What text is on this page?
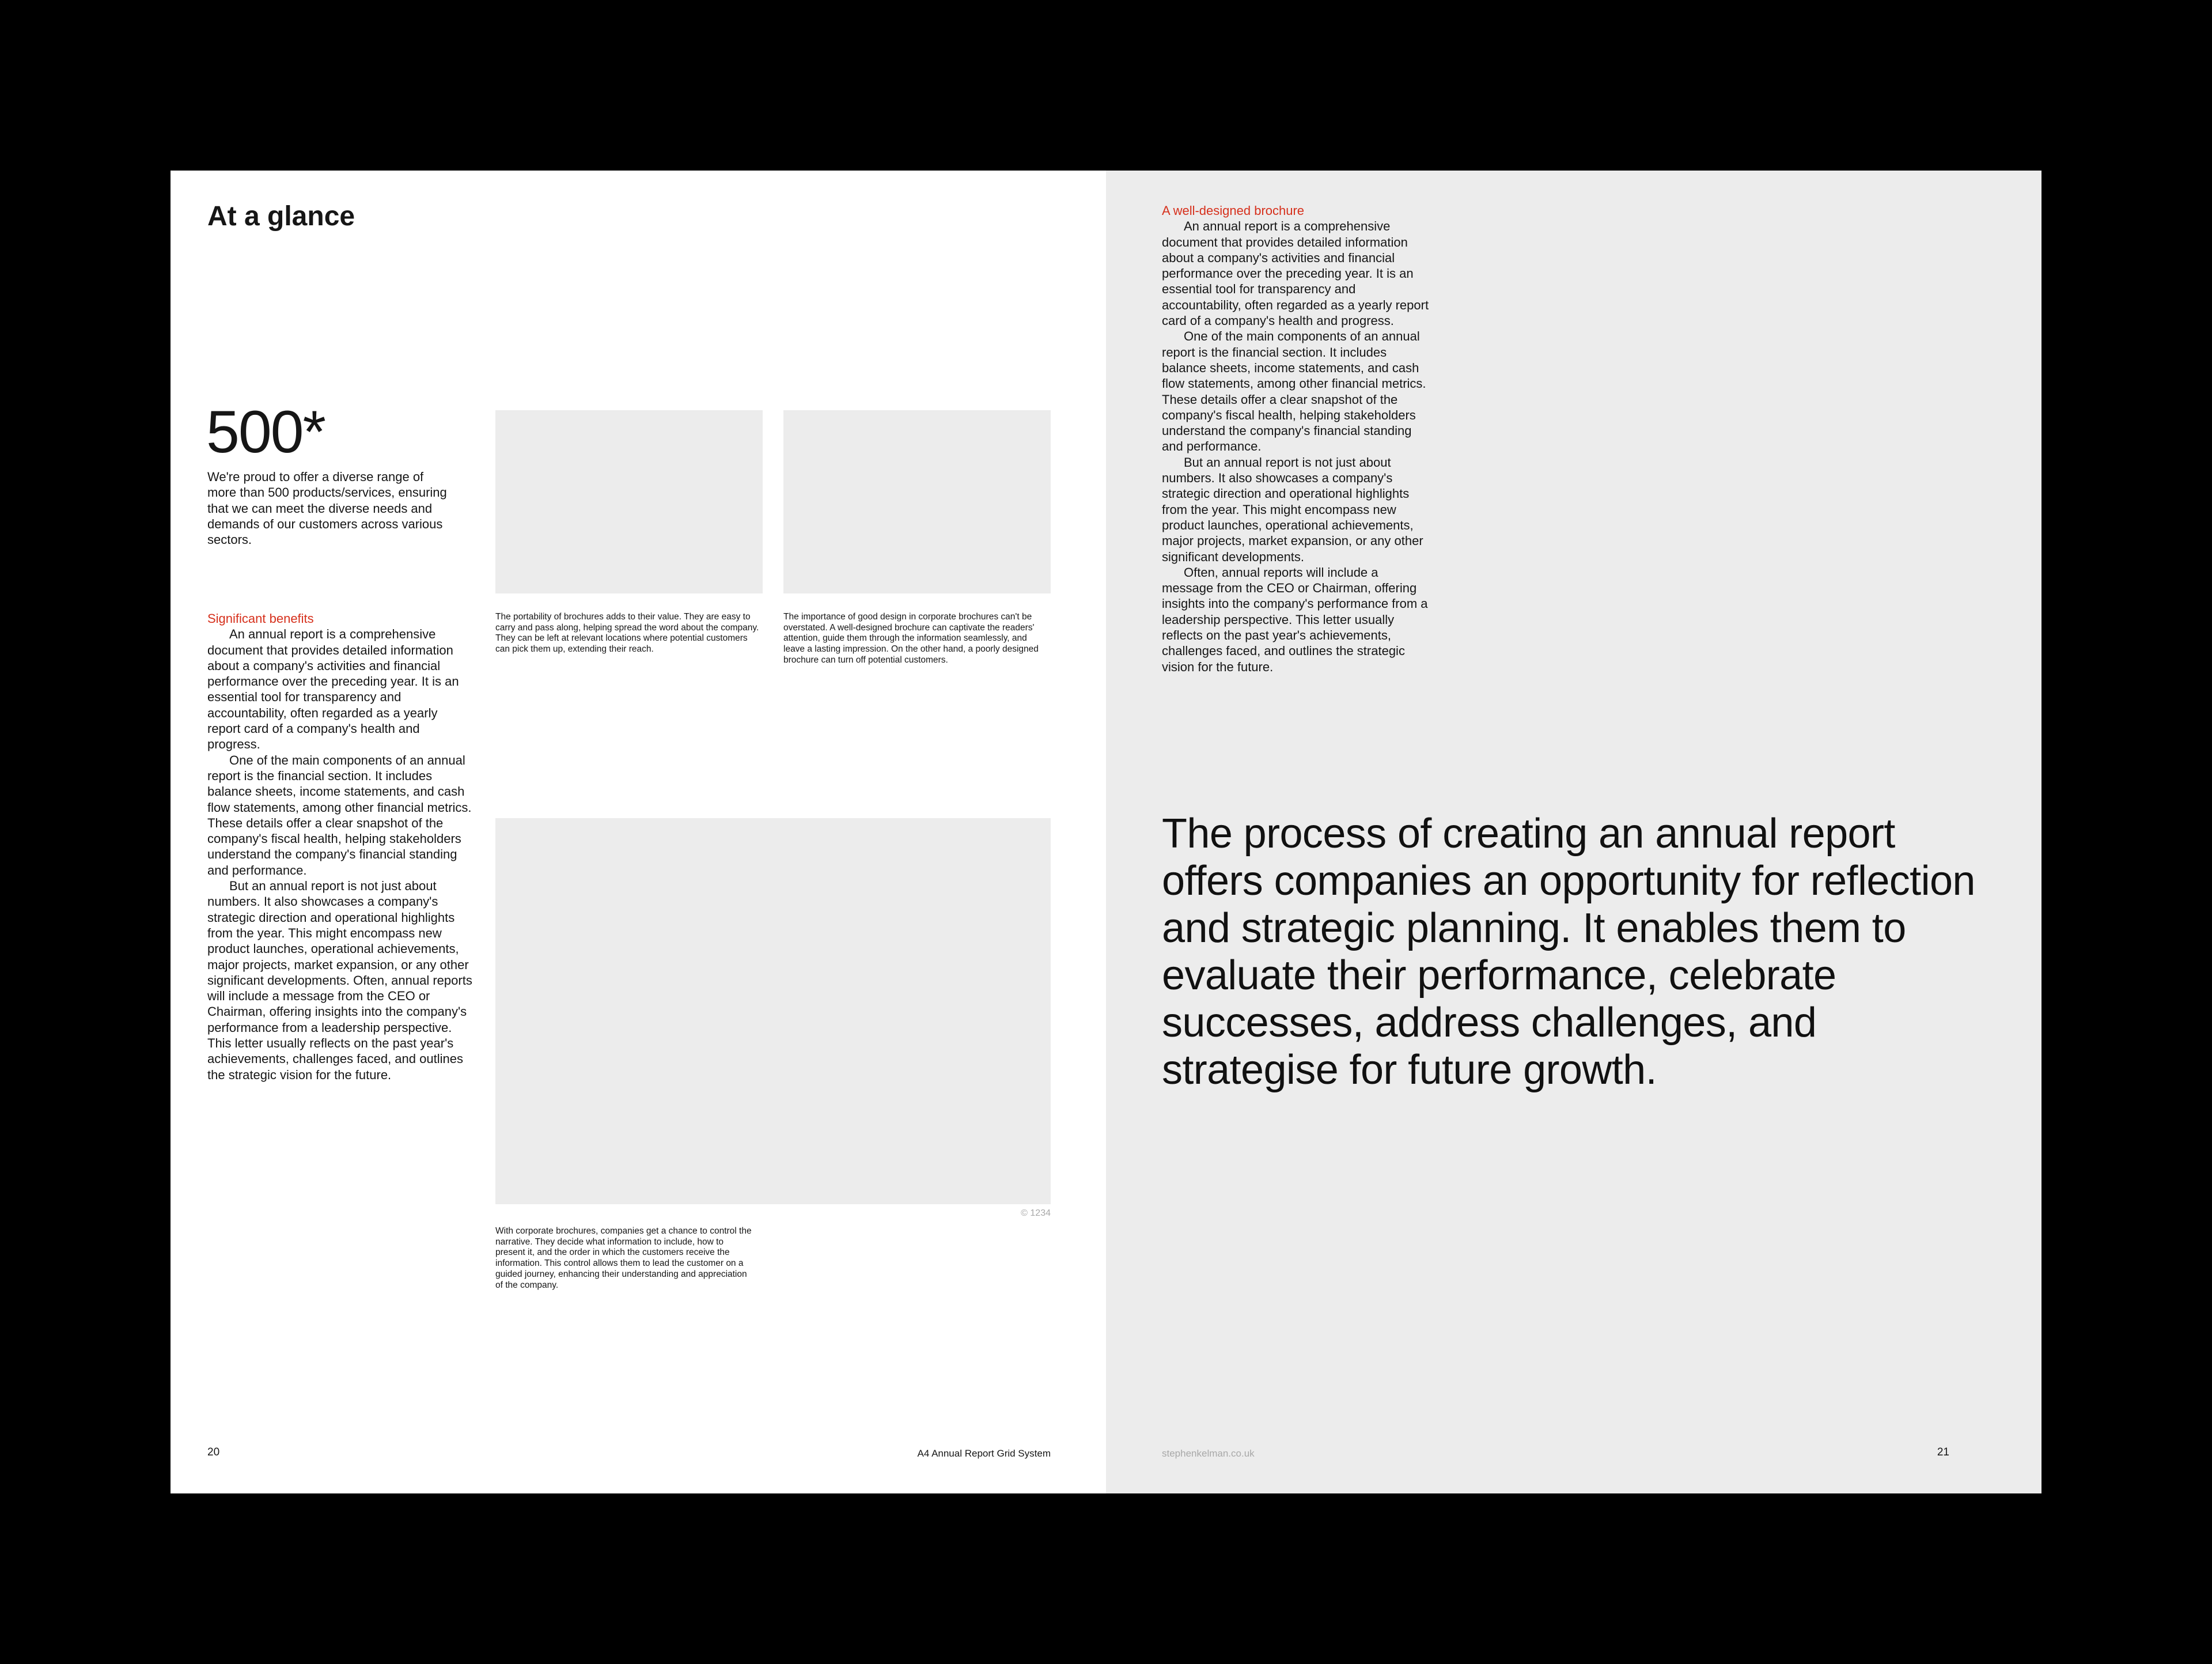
At a glance
500*

We're proud to offer a diverse range of more than 500 products/services, ensuring that we can meet the diverse needs and demands of our customers across various sectors.

Significant benefits

An annual report is a comprehensive document that provides detailed information about a company's activities and financial performance over the preceding year. It is an essential tool for transparency and accountability, often regarded as a yearly report card of a company's health and progress.

One of the main components of an annual report is the financial section. It includes balance sheets, income statements, and cash flow statements, among other financial metrics. These details offer a clear snapshot of the company's fiscal health, helping stakeholders understand the company's financial standing and performance.

But an annual report is not just about numbers. It also showcases a company's strategic direction and operational highlights from the year. This might encompass new product launches, operational achievements, major projects, market expansion, or any other significant developments. Often, annual reports will include a message from the CEO or Chairman, offering insights into the company's performance from a leadership perspective. This letter usually reflects on the past year's achievements, challenges faced, and outlines the strategic vision for the future.

The portability of brochures adds to their value. They are easy to carry and pass along, helping spread the word about the company. They can be left at relevant locations where potential customers can pick them up, extending their reach.

The importance of good design in corporate brochures can't be overstated. A well-designed brochure can captivate the readers' attention, guide them through the information seamlessly, and leave a lasting impression. On the other hand, a poorly designed brochure can turn off potential customers.

© 1234

With corporate brochures, companies get a chance to control the narrative. They decide what information to include, how to present it, and the order in which the customers receive the information. This control allows them to lead the customer on a guided journey, enhancing their understanding and appreciation of the company.

20	A4 Annual Report Grid System

A well-designed brochure

An annual report is a comprehensive document that provides detailed information about a company's activities and financial performance over the preceding year. It is an essential tool for transparency and accountability, often regarded as a yearly report card of a company's health and progress.

One of the main components of an annual report is the financial section. It includes balance sheets, income statements, and cash flow statements, among other financial metrics. These details offer a clear snapshot of the company's fiscal health, helping stakeholders understand the company's financial standing and performance.

But an annual report is not just about numbers. It also showcases a company's strategic direction and operational highlights from the year. This might encompass new product launches, operational achievements, major projects, market expansion, or any other significant developments.

Often, annual reports will include a message from the CEO or Chairman, offering insights into the company's performance from a leadership perspective. This letter usually reflects on the past year's achievements, challenges faced, and outlines the strategic vision for the future.

The process of creating an annual report offers companies an opportunity for reflection and strategic planning. It enables them to evaluate their performance, celebrate successes, address challenges, and strategise for future growth.

stephenkelman.co.uk	21
